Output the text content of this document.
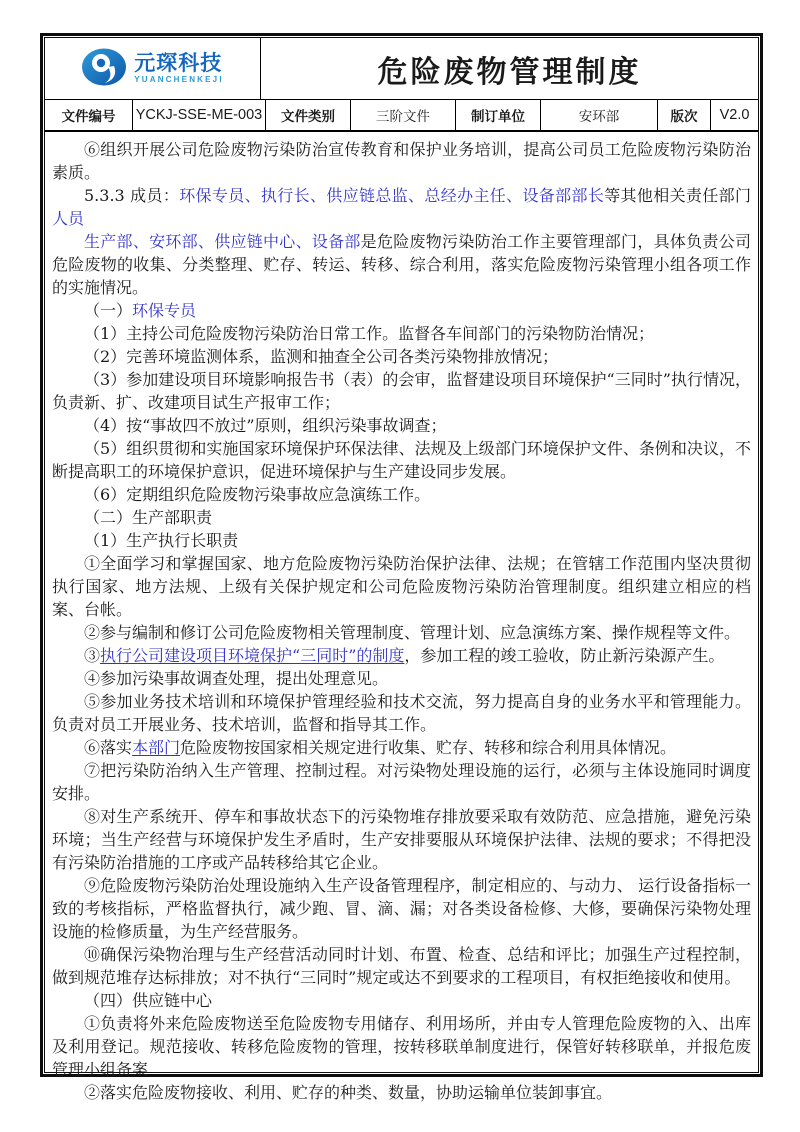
元琛科技
YUANCHENKEJI	危险废物管理制度
文件编号	YCKJ-SSE-ME-003	文件类别	三阶文件	制订单位	安环部	版次	V2.0

⑥组织开展公司危险废物污染防治宣传教育和保护业务培训，提高公司员工危险废物污染防治素质。

5.3.3 成员：环保专员、执行长、供应链总监、总经办主任、设备部部长等其他相关责任部门人员

生产部、安环部、供应链中心、设备部是危险废物污染防治工作主要管理部门，具体负责公司危险废物的收集、分类整理、贮存、转运、转移、综合利用，落实危险废物污染管理小组各项工作的实施情况。

（一）环保专员

（1）主持公司危险废物污染防治日常工作。监督各车间部门的污染物防治情况；

（2）完善环境监测体系，监测和抽查全公司各类污染物排放情况；

（3）参加建设项目环境影响报告书（表）的会审，监督建设项目环境保护“三同时”执行情况，负责新、扩、改建项目试生产报审工作；

（4）按“事故四不放过”原则，组织污染事故调查；

（5）组织贯彻和实施国家环境保护环保法律、法规及上级部门环境保护文件、条例和决议，不断提高职工的环境保护意识，促进环境保护与生产建设同步发展。

（6）定期组织危险废物污染事故应急演练工作。

（二）生产部职责

（1）生产执行长职责

①全面学习和掌握国家、地方危险废物污染防治保护法律、法规；在管辖工作范围内坚决贯彻执行国家、地方法规、上级有关保护规定和公司危险废物污染防治管理制度。组织建立相应的档案、台帐。

②参与编制和修订公司危险废物相关管理制度、管理计划、应急演练方案、操作规程等文件。

③执行公司建设项目环境保护“三同时”的制度，参加工程的竣工验收，防止新污染源产生。

④参加污染事故调查处理，提出处理意见。

⑤参加业务技术培训和环境保护管理经验和技术交流，努力提高自身的业务水平和管理能力。负责对员工开展业务、技术培训，监督和指导其工作。

⑥落实本部门危险废物按国家相关规定进行收集、贮存、转移和综合利用具体情况。

⑦把污染防治纳入生产管理、控制过程。对污染物处理设施的运行，必须与主体设施同时调度安排。

⑧对生产系统开、停车和事故状态下的污染物堆存排放要采取有效防范、应急措施，避免污染环境；当生产经营与环境保护发生矛盾时，生产安排要服从环境保护法律、法规的要求；不得把没有污染防治措施的工序或产品转移给其它企业。

⑨危险废物污染防治处理设施纳入生产设备管理程序，制定相应的、与动力、 运行设备指标一致的考核指标，严格监督执行，减少跑、冒、滴、漏；对各类设备检修、大修，要确保污染物处理设施的检修质量，为生产经营服务。

⑩确保污染物治理与生产经营活动同时计划、布置、检查、总结和评比；加强生产过程控制，做到规范堆存达标排放；对不执行“三同时”规定或达不到要求的工程项目，有权拒绝接收和使用。

（四）供应链中心

①负责将外来危险废物送至危险废物专用储存、利用场所，并由专人管理危险废物的入、出库及利用登记。规范接收、转移危险废物的管理，按转移联单制度进行，保管好转移联单，并报危废管理小组备案

②落实危险废物接收、利用、贮存的种类、数量，协助运输单位装卸事宜。
